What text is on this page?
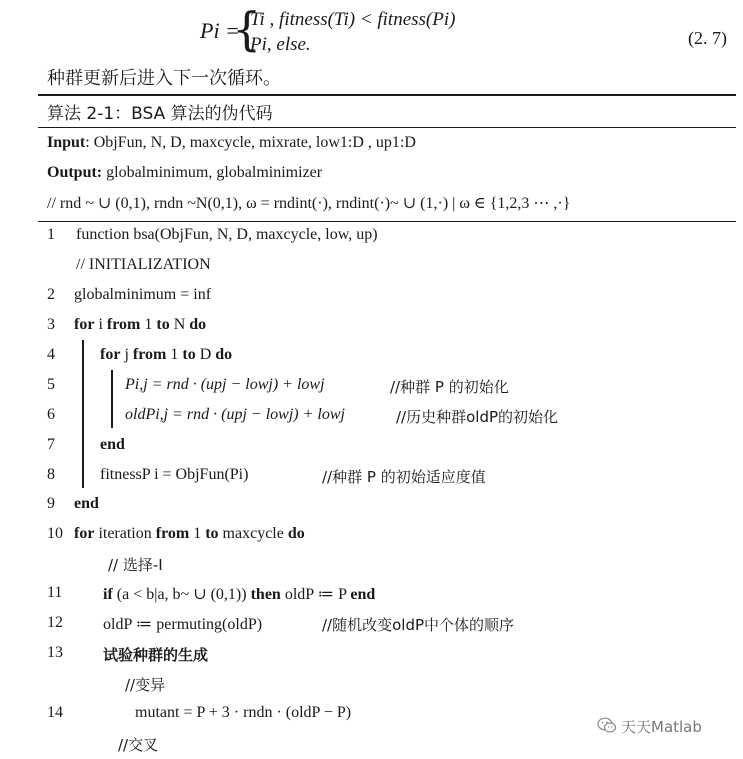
Pi =
{
Ti , fitness(Ti) < fitness(Pi)
Pi, else.	(2. 7)
种群更新后进入下一次循环。
算法 2-1：BSA 算法的伪代码
Input: ObjFun, N, D, maxcycle, mixrate, low1:D , up1:D
Output: globalminimum, globalminimizer
// rnd ~ ∪ (0,1), rndn ~N(0,1), ω = rndint(·), rndint(·)~ ∪ (1,·) | ω ∈ {1,2,3 ⋯ ,·}
1	function bsa(ObjFun, N, D, maxcycle, low, up)
// INITIALIZATION
2	globalminimum = inf
3	for i from 1 to N do
4	for j from 1 to D do
5	Pi,j = rnd · (upj − lowj) + lowj	//种群 P 的初始化
6	oldPi,j = rnd · (upj − lowj) + lowj	//历史种群oldP的初始化
7	end
8	fitnessP i = ObjFun(Pi)	//种群 P 的初始适应度值
9	end
10 for iteration from 1 to maxcycle do
// 选择-I
11	if (a < b|a, b~ ∪ (0,1)) then oldP ≔ P end
12	oldP ≔ permuting(oldP)	//随机改变oldP中个体的顺序
13	试验种群的生成
//变异
14	mutant = P + 3 · rndn · (oldP − P)
//交叉
天天Matlab
